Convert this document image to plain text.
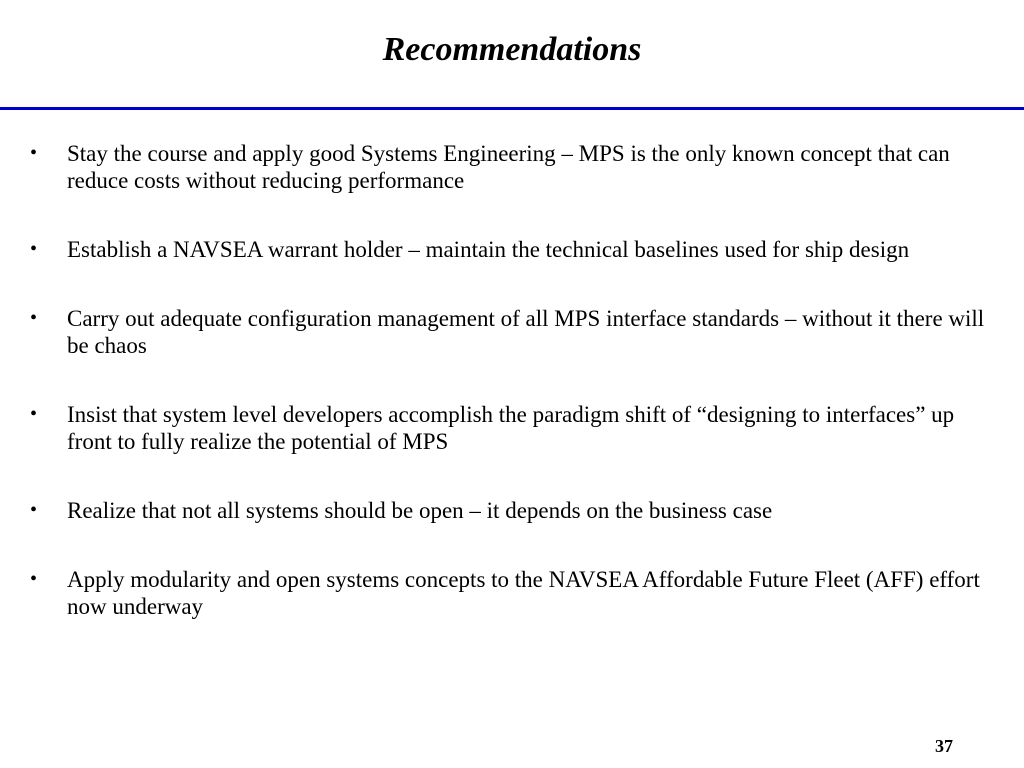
Recommendations
•	Stay the course and apply good Systems Engineering – MPS is the only known concept that can reduce costs without reducing performance
•	Establish a NAVSEA warrant holder – maintain the technical baselines used for ship design
•	Carry out adequate configuration management of all MPS interface standards – without it there will be chaos
•	Insist that system level developers accomplish the paradigm shift of “designing to interfaces” up front to fully realize the potential of MPS
•	Realize that not all systems should be open – it depends on the business case
•	Apply modularity and open systems concepts to the NAVSEA Affordable Future Fleet (AFF) effort now underway
37
